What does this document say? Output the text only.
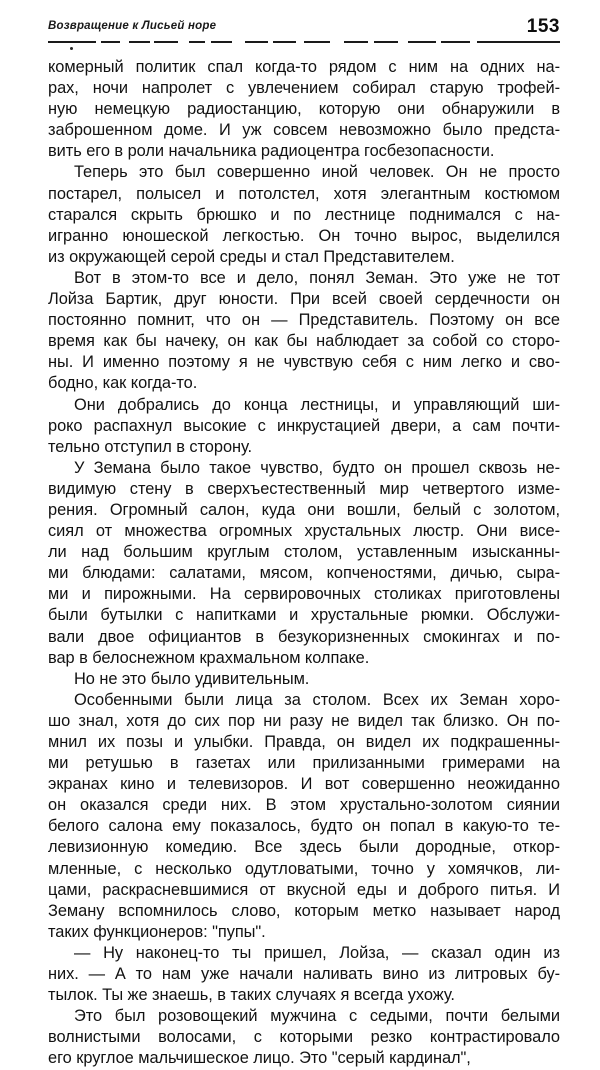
Возвращение к Лисьей норе	153

комерный политик спал когда-то рядом с ним на одних на-
рах, ночи напролет с увлечением собирал старую трофей-
ную немецкую радиостанцию, которую они обнаружили в
заброшенном доме. И уж совсем невозможно было предста-
вить его в роли начальника радиоцентра госбезопасности.

Теперь это был совершенно иной человек. Он не просто
постарел, полысел и потолстел, хотя элегантным костюмом
старался скрыть брюшко и по лестнице поднимался с на-
игранно юношеской легкостью. Он точно вырос, выделился
из окружающей серой среды и стал Представителем.

Вот в этом-то все и дело, понял Земан. Это уже не тот
Лойза Бартик, друг юности. При всей своей сердечности он
постоянно помнит, что он — Представитель. Поэтому он все
время как бы начеку, он как бы наблюдает за собой со сторо-
ны. И именно поэтому я не чувствую себя с ним легко и сво-
бодно, как когда-то.

Они добрались до конца лестницы, и управляющий ши-
роко распахнул высокие с инкрустацией двери, а сам почти-
тельно отступил в сторону.

У Земана было такое чувство, будто он прошел сквозь не-
видимую стену в сверхъестественный мир четвертого изме-
рения. Огромный салон, куда они вошли, белый с золотом,
сиял от множества огромных хрустальных люстр. Они висе-
ли над большим круглым столом, уставленным изысканны-
ми блюдами: салатами, мясом, копченостями, дичью, сыра-
ми и пирожными. На сервировочных столиках приготовлены
были бутылки с напитками и хрустальные рюмки. Обслужи-
вали двое официантов в безукоризненных смокингах и по-
вар в белоснежном крахмальном колпаке.

Но не это было удивительным.

Особенными были лица за столом. Всех их Земан хоро-
шо знал, хотя до сих пор ни разу не видел так близко. Он по-
мнил их позы и улыбки. Правда, он видел их подкрашенны-
ми ретушью в газетах или прилизанными гримерами на
экранах кино и телевизоров. И вот совершенно неожиданно
он оказался среди них. В этом хрустально-золотом сиянии
белого салона ему показалось, будто он попал в какую-то те-
левизионную комедию. Все здесь были дородные, откор-
мленные, с несколько одутловатыми, точно у хомячков, ли-
цами, раскрасневшимися от вкусной еды и доброго питья. И
Земану вспомнилось слово, которым метко называет народ
таких функционеров: "пупы".

— Ну наконец-то ты пришел, Лойза, — сказал один из
них. — А то нам уже начали наливать вино из литровых бу-
тылок. Ты же знаешь, в таких случаях я всегда ухожу.

Это был розовощекий мужчина с седыми, почти белыми
волнистыми волосами, с которыми резко контрастировало
его круглое мальчишеское лицо. Это "серый кардинал",
